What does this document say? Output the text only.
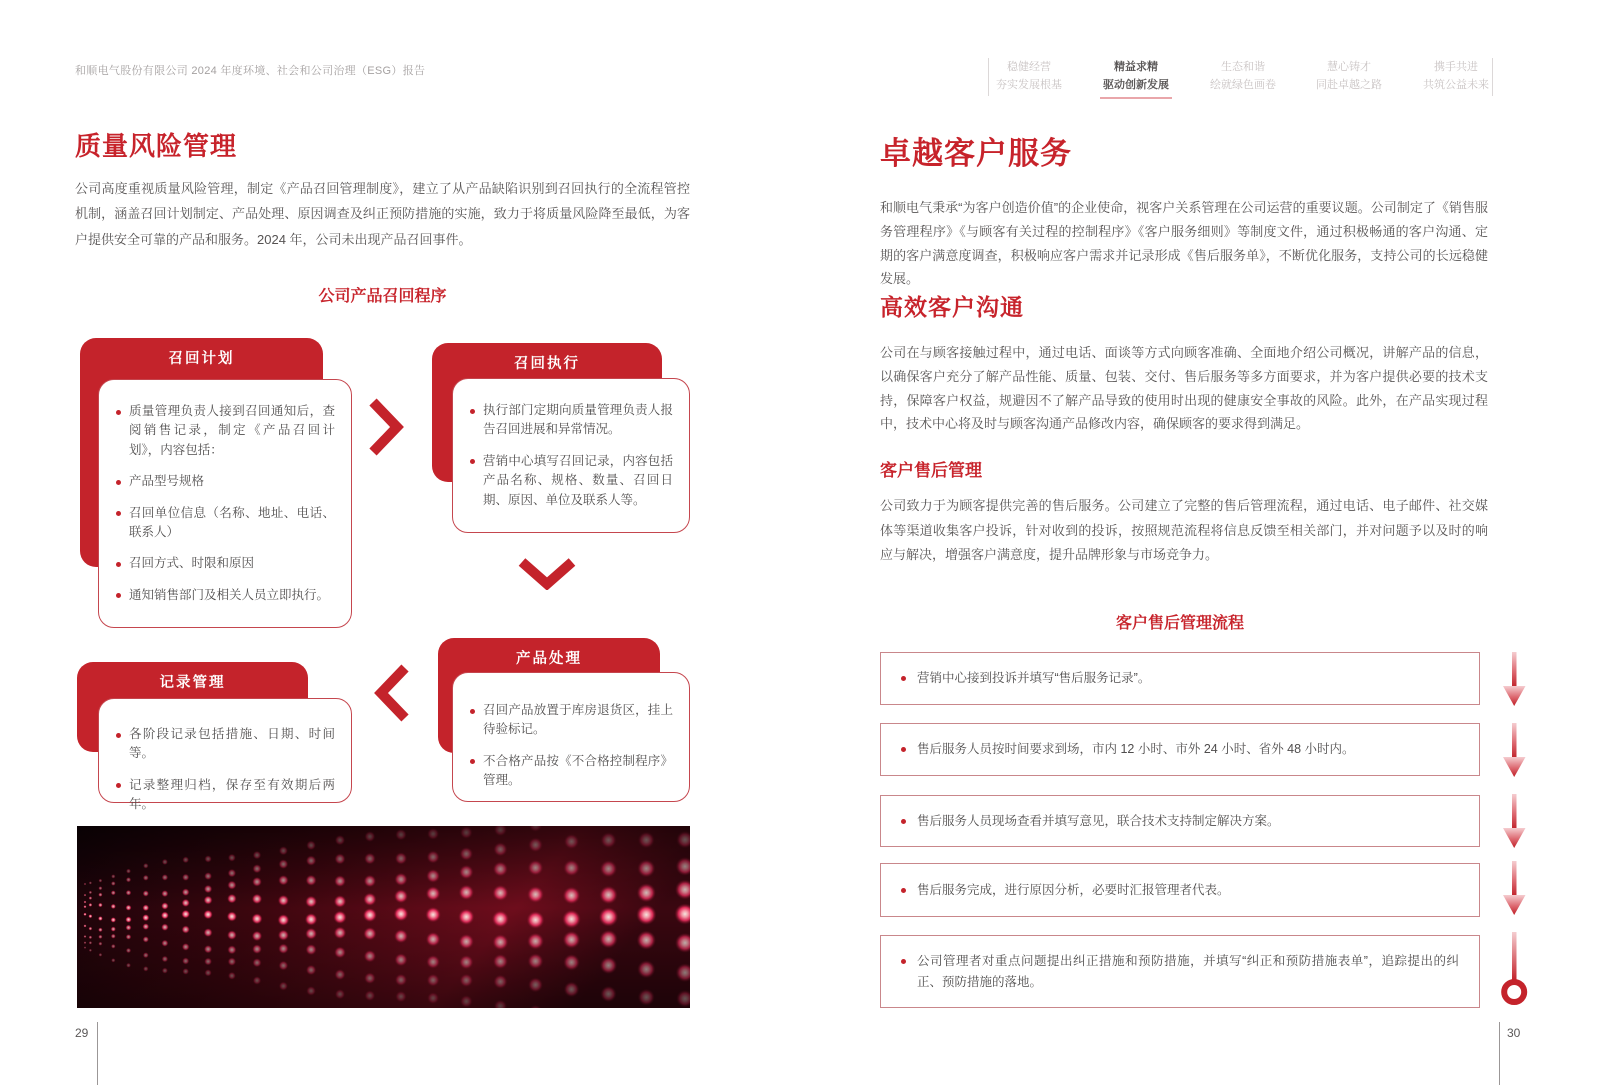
和顺电气股份有限公司 2024 年度环境、社会和公司治理（ESG）报告	稳健经营
夯实发展根基
精益求精
驱动创新发展
生态和谐
绘就绿色画卷
慧心铸才
同赴卓越之路
携手共进
共筑公益未来
质量风险管理
公司高度重视质量风险管理，制定《产品召回管理制度》，建立了从产品缺陷识别到召回执行的全流程管控机制，涵盖召回计划制定、产品处理、原因调查及纠正预防措施的实施，致力于将质量风险降至最低，为客户提供安全可靠的产品和服务。2024 年，公司未出现产品召回事件。
公司产品召回程序
召回计划
质量管理负责人接到召回通知后，查阅销售记录，制定《产品召回计划》，内容包括：
产品型号规格
召回单位信息（名称、地址、电话、联系人）
召回方式、时限和原因
通知销售部门及相关人员立即执行。
召回执行
执行部门定期向质量管理负责人报告召回进展和异常情况。
营销中心填写召回记录，内容包括产品名称、规格、数量、召回日期、原因、单位及联系人等。
产品处理
召回产品放置于库房退货区，挂上待验标记。
不合格产品按《不合格控制程序》管理。
记录管理
各阶段记录包括措施、日期、时间等。
记录整理归档，保存至有效期后两年。
29
卓越客户服务
和顺电气秉承“为客户创造价值”的企业使命，视客户关系管理在公司运营的重要议题。公司制定了《销售服务管理程序》《与顾客有关过程的控制程序》《客户服务细则》等制度文件，通过积极畅通的客户沟通、定期的客户满意度调查，积极响应客户需求并记录形成《售后服务单》，不断优化服务，支持公司的长远稳健发展。
高效客户沟通
公司在与顾客接触过程中，通过电话、面谈等方式向顾客准确、全面地介绍公司概况，讲解产品的信息，以确保客户充分了解产品性能、质量、包装、交付、售后服务等多方面要求，并为客户提供必要的技术支持，保障客户权益，规避因不了解产品导致的使用时出现的健康安全事故的风险。此外，在产品实现过程中，技术中心将及时与顾客沟通产品修改内容，确保顾客的要求得到满足。
客户售后管理
公司致力于为顾客提供完善的售后服务。公司建立了完整的售后管理流程，通过电话、电子邮件、社交媒体等渠道收集客户投诉，针对收到的投诉，按照规范流程将信息反馈至相关部门，并对问题予以及时的响应与解决，增强客户满意度，提升品牌形象与市场竞争力。
客户售后管理流程
营销中心接到投诉并填写“售后服务记录”。
售后服务人员按时间要求到场，市内 12 小时、市外 24 小时、省外 48 小时内。
售后服务人员现场查看并填写意见，联合技术支持制定解决方案。
售后服务完成，进行原因分析，必要时汇报管理者代表。
公司管理者对重点问题提出纠正措施和预防措施，并填写“纠正和预防措施表单”，追踪提出的纠正、预防措施的落地。
30
